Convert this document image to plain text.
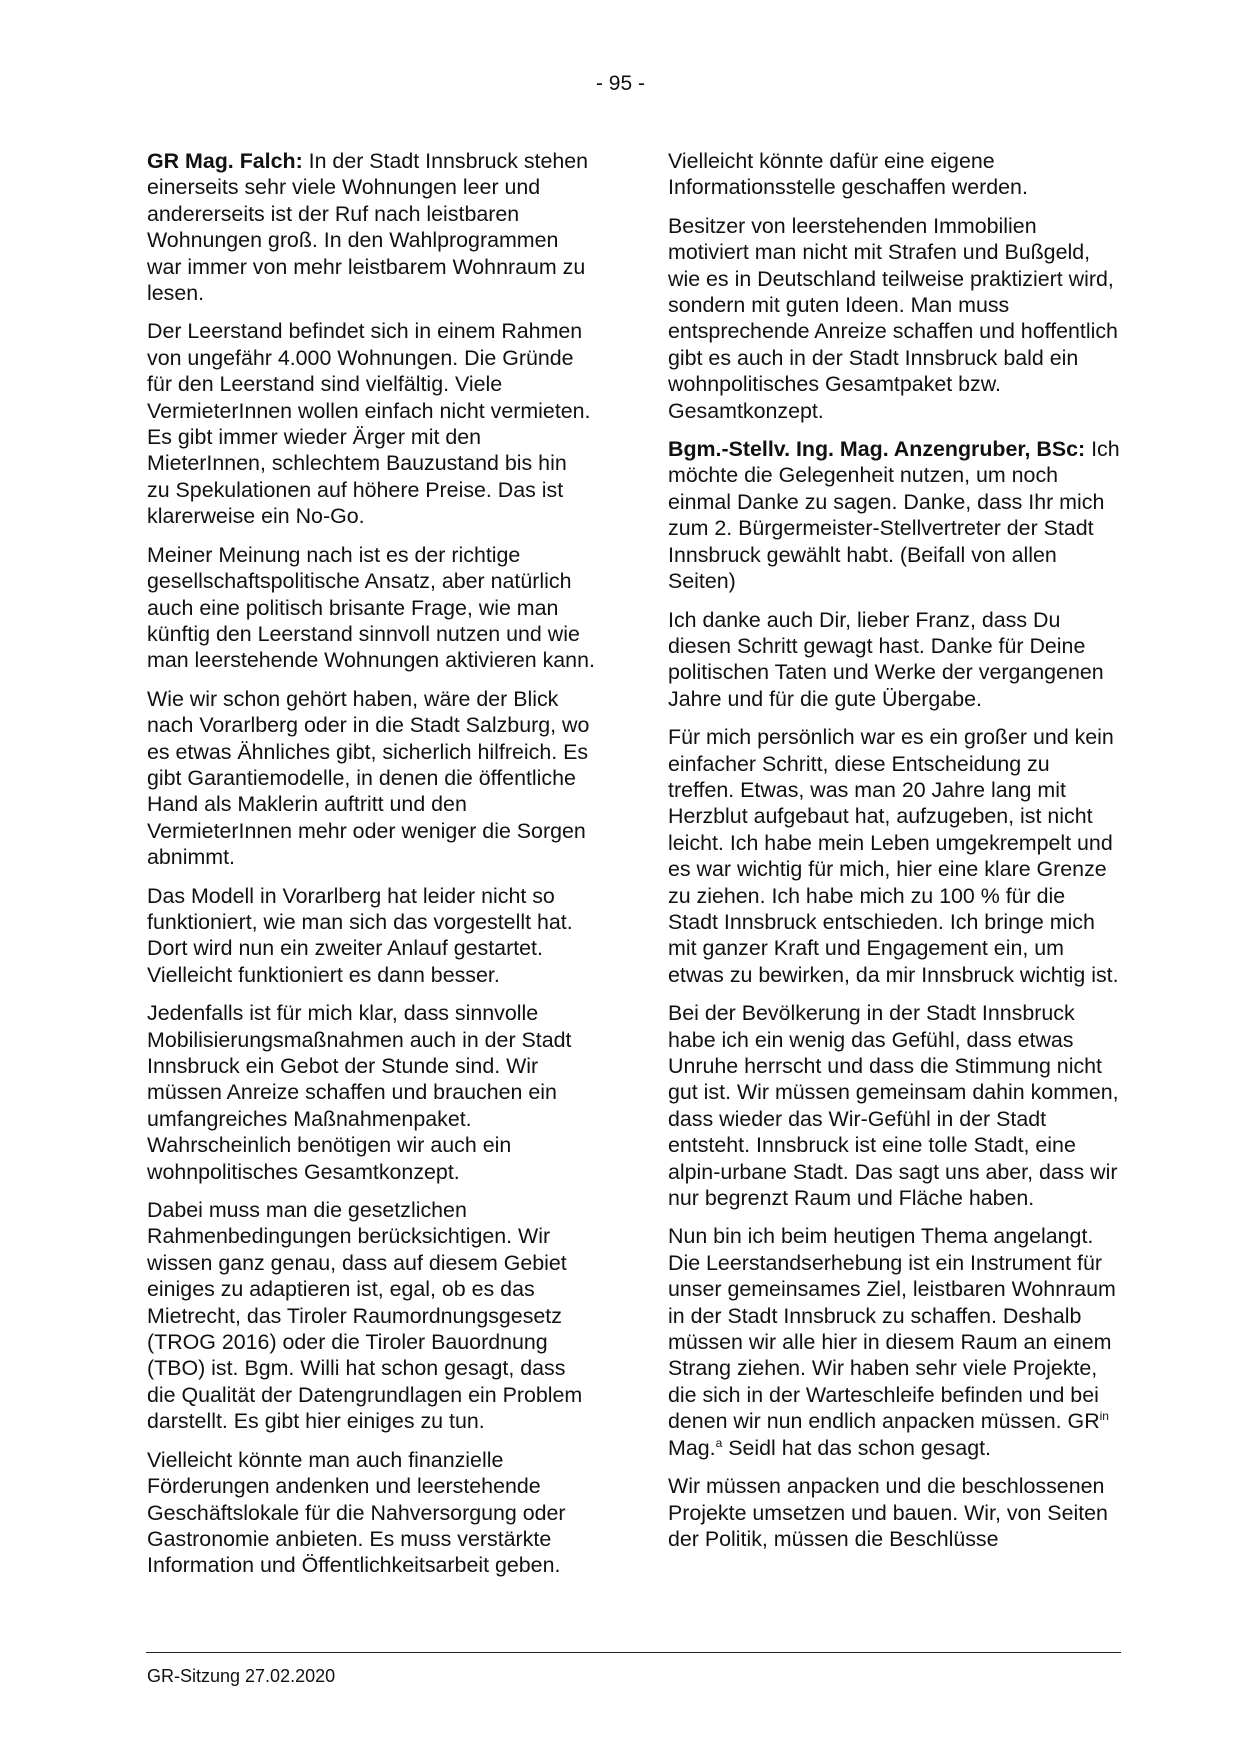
- 95 -

GR Mag. Falch: In der Stadt Innsbruck stehen einerseits sehr viele Wohnungen leer und andererseits ist der Ruf nach leistbaren Wohnungen groß. In den Wahlprogrammen war immer von mehr leistbarem Wohnraum zu lesen.

Der Leerstand befindet sich in einem Rahmen von ungefähr 4.000 Wohnungen. Die Gründe für den Leerstand sind vielfältig. Viele VermieterInnen wollen einfach nicht vermieten. Es gibt immer wieder Ärger mit den MieterInnen, schlechtem Bauzustand bis hin zu Spekulationen auf höhere Preise. Das ist klarerweise ein No-Go.

Meiner Meinung nach ist es der richtige gesellschaftspolitische Ansatz, aber natürlich auch eine politisch brisante Frage, wie man künftig den Leerstand sinnvoll nutzen und wie man leerstehende Wohnungen aktivieren kann.

Wie wir schon gehört haben, wäre der Blick nach Vorarlberg oder in die Stadt Salzburg, wo es etwas Ähnliches gibt, sicherlich hilfreich. Es gibt Garantiemodelle, in denen die öffentliche Hand als Maklerin auftritt und den VermieterInnen mehr oder weniger die Sorgen abnimmt.

Das Modell in Vorarlberg hat leider nicht so funktioniert, wie man sich das vorgestellt hat. Dort wird nun ein zweiter Anlauf gestartet. Vielleicht funktioniert es dann besser.

Jedenfalls ist für mich klar, dass sinnvolle Mobilisierungsmaßnahmen auch in der Stadt Innsbruck ein Gebot der Stunde sind. Wir müssen Anreize schaffen und brauchen ein umfangreiches Maßnahmenpaket. Wahrscheinlich benötigen wir auch ein wohnpolitisches Gesamtkonzept.

Dabei muss man die gesetzlichen Rahmenbedingungen berücksichtigen. Wir wissen ganz genau, dass auf diesem Gebiet einiges zu adaptieren ist, egal, ob es das Mietrecht, das Tiroler Raumordnungsgesetz (TROG 2016) oder die Tiroler Bauordnung (TBO) ist. Bgm. Willi hat schon gesagt, dass die Qualität der Datengrundlagen ein Problem darstellt. Es gibt hier einiges zu tun.

Vielleicht könnte man auch finanzielle Förderungen andenken und leerstehende Geschäftslokale für die Nahversorgung oder Gastronomie anbieten. Es muss verstärkte Information und Öffentlichkeitsarbeit geben.

Vielleicht könnte dafür eine eigene Informationsstelle geschaffen werden.

Besitzer von leerstehenden Immobilien motiviert man nicht mit Strafen und Bußgeld, wie es in Deutschland teilweise praktiziert wird, sondern mit guten Ideen. Man muss entsprechende Anreize schaffen und hoffentlich gibt es auch in der Stadt Innsbruck bald ein wohnpolitisches Gesamtpaket bzw. Gesamtkonzept.

Bgm.-Stellv. Ing. Mag. Anzengruber, BSc: Ich möchte die Gelegenheit nutzen, um noch einmal Danke zu sagen. Danke, dass Ihr mich zum 2. Bürgermeister-Stellvertreter der Stadt Innsbruck gewählt habt. (Beifall von allen Seiten)

Ich danke auch Dir, lieber Franz, dass Du diesen Schritt gewagt hast. Danke für Deine politischen Taten und Werke der vergangenen Jahre und für die gute Übergabe.

Für mich persönlich war es ein großer und kein einfacher Schritt, diese Entscheidung zu treffen. Etwas, was man 20 Jahre lang mit Herzblut aufgebaut hat, aufzugeben, ist nicht leicht. Ich habe mein Leben umgekrempelt und es war wichtig für mich, hier eine klare Grenze zu ziehen. Ich habe mich zu 100 % für die Stadt Innsbruck entschieden. Ich bringe mich mit ganzer Kraft und Engagement ein, um etwas zu bewirken, da mir Innsbruck wichtig ist.

Bei der Bevölkerung in der Stadt Innsbruck habe ich ein wenig das Gefühl, dass etwas Unruhe herrscht und dass die Stimmung nicht gut ist. Wir müssen gemeinsam dahin kommen, dass wieder das Wir-Gefühl in der Stadt entsteht. Innsbruck ist eine tolle Stadt, eine alpin-urbane Stadt. Das sagt uns aber, dass wir nur begrenzt Raum und Fläche haben.

Nun bin ich beim heutigen Thema angelangt. Die Leerstandserhebung ist ein Instrument für unser gemeinsames Ziel, leistbaren Wohnraum in der Stadt Innsbruck zu schaffen. Deshalb müssen wir alle hier in diesem Raum an einem Strang ziehen. Wir haben sehr viele Projekte, die sich in der Warteschleife befinden und bei denen wir nun endlich anpacken müssen. $GR^{in}$ Mag.$^a$ Seidl hat das schon gesagt.

Wir müssen anpacken und die beschlossenen Projekte umsetzen und bauen. Wir, von Seiten der Politik, müssen die Beschlüsse

GR-Sitzung 27.02.2020
